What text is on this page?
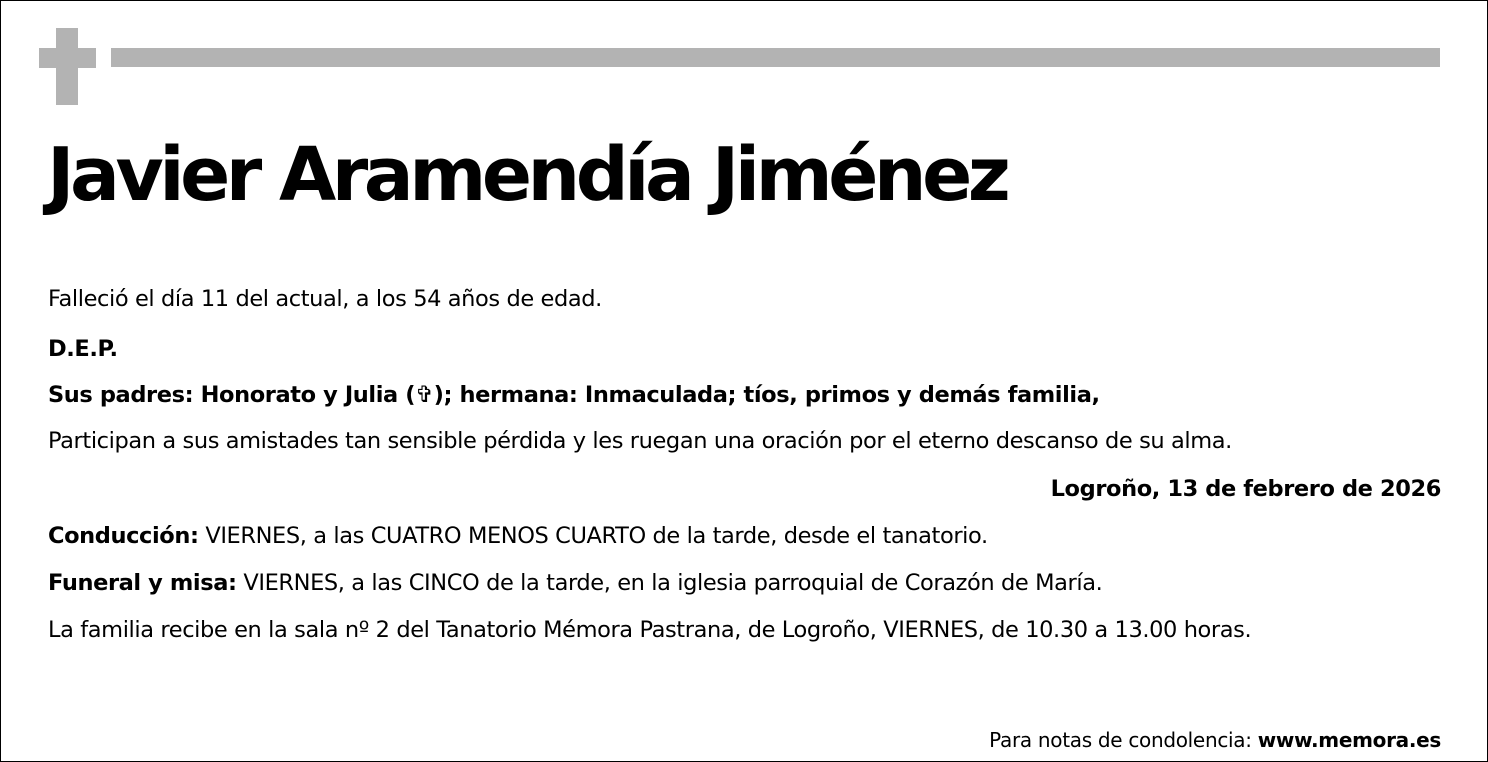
Javier Aramendía Jiménez
Falleció el día 11 del actual, a los 54 años de edad.
D.E.P.
Sus padres: Honorato y Julia (✞); hermana: Inmaculada; tíos, primos y demás familia,
Participan a sus amistades tan sensible pérdida y les ruegan una oración por el eterno descanso de su alma.
Logroño, 13 de febrero de 2026
Conducción: VIERNES, a las CUATRO MENOS CUARTO de la tarde, desde el tanatorio.
Funeral y misa: VIERNES, a las CINCO de la tarde, en la iglesia parroquial de Corazón de María.
La familia recibe en la sala nº 2 del Tanatorio Mémora Pastrana, de Logroño, VIERNES, de 10.30 a 13.00 horas.
Para notas de condolencia: www.memora.es
